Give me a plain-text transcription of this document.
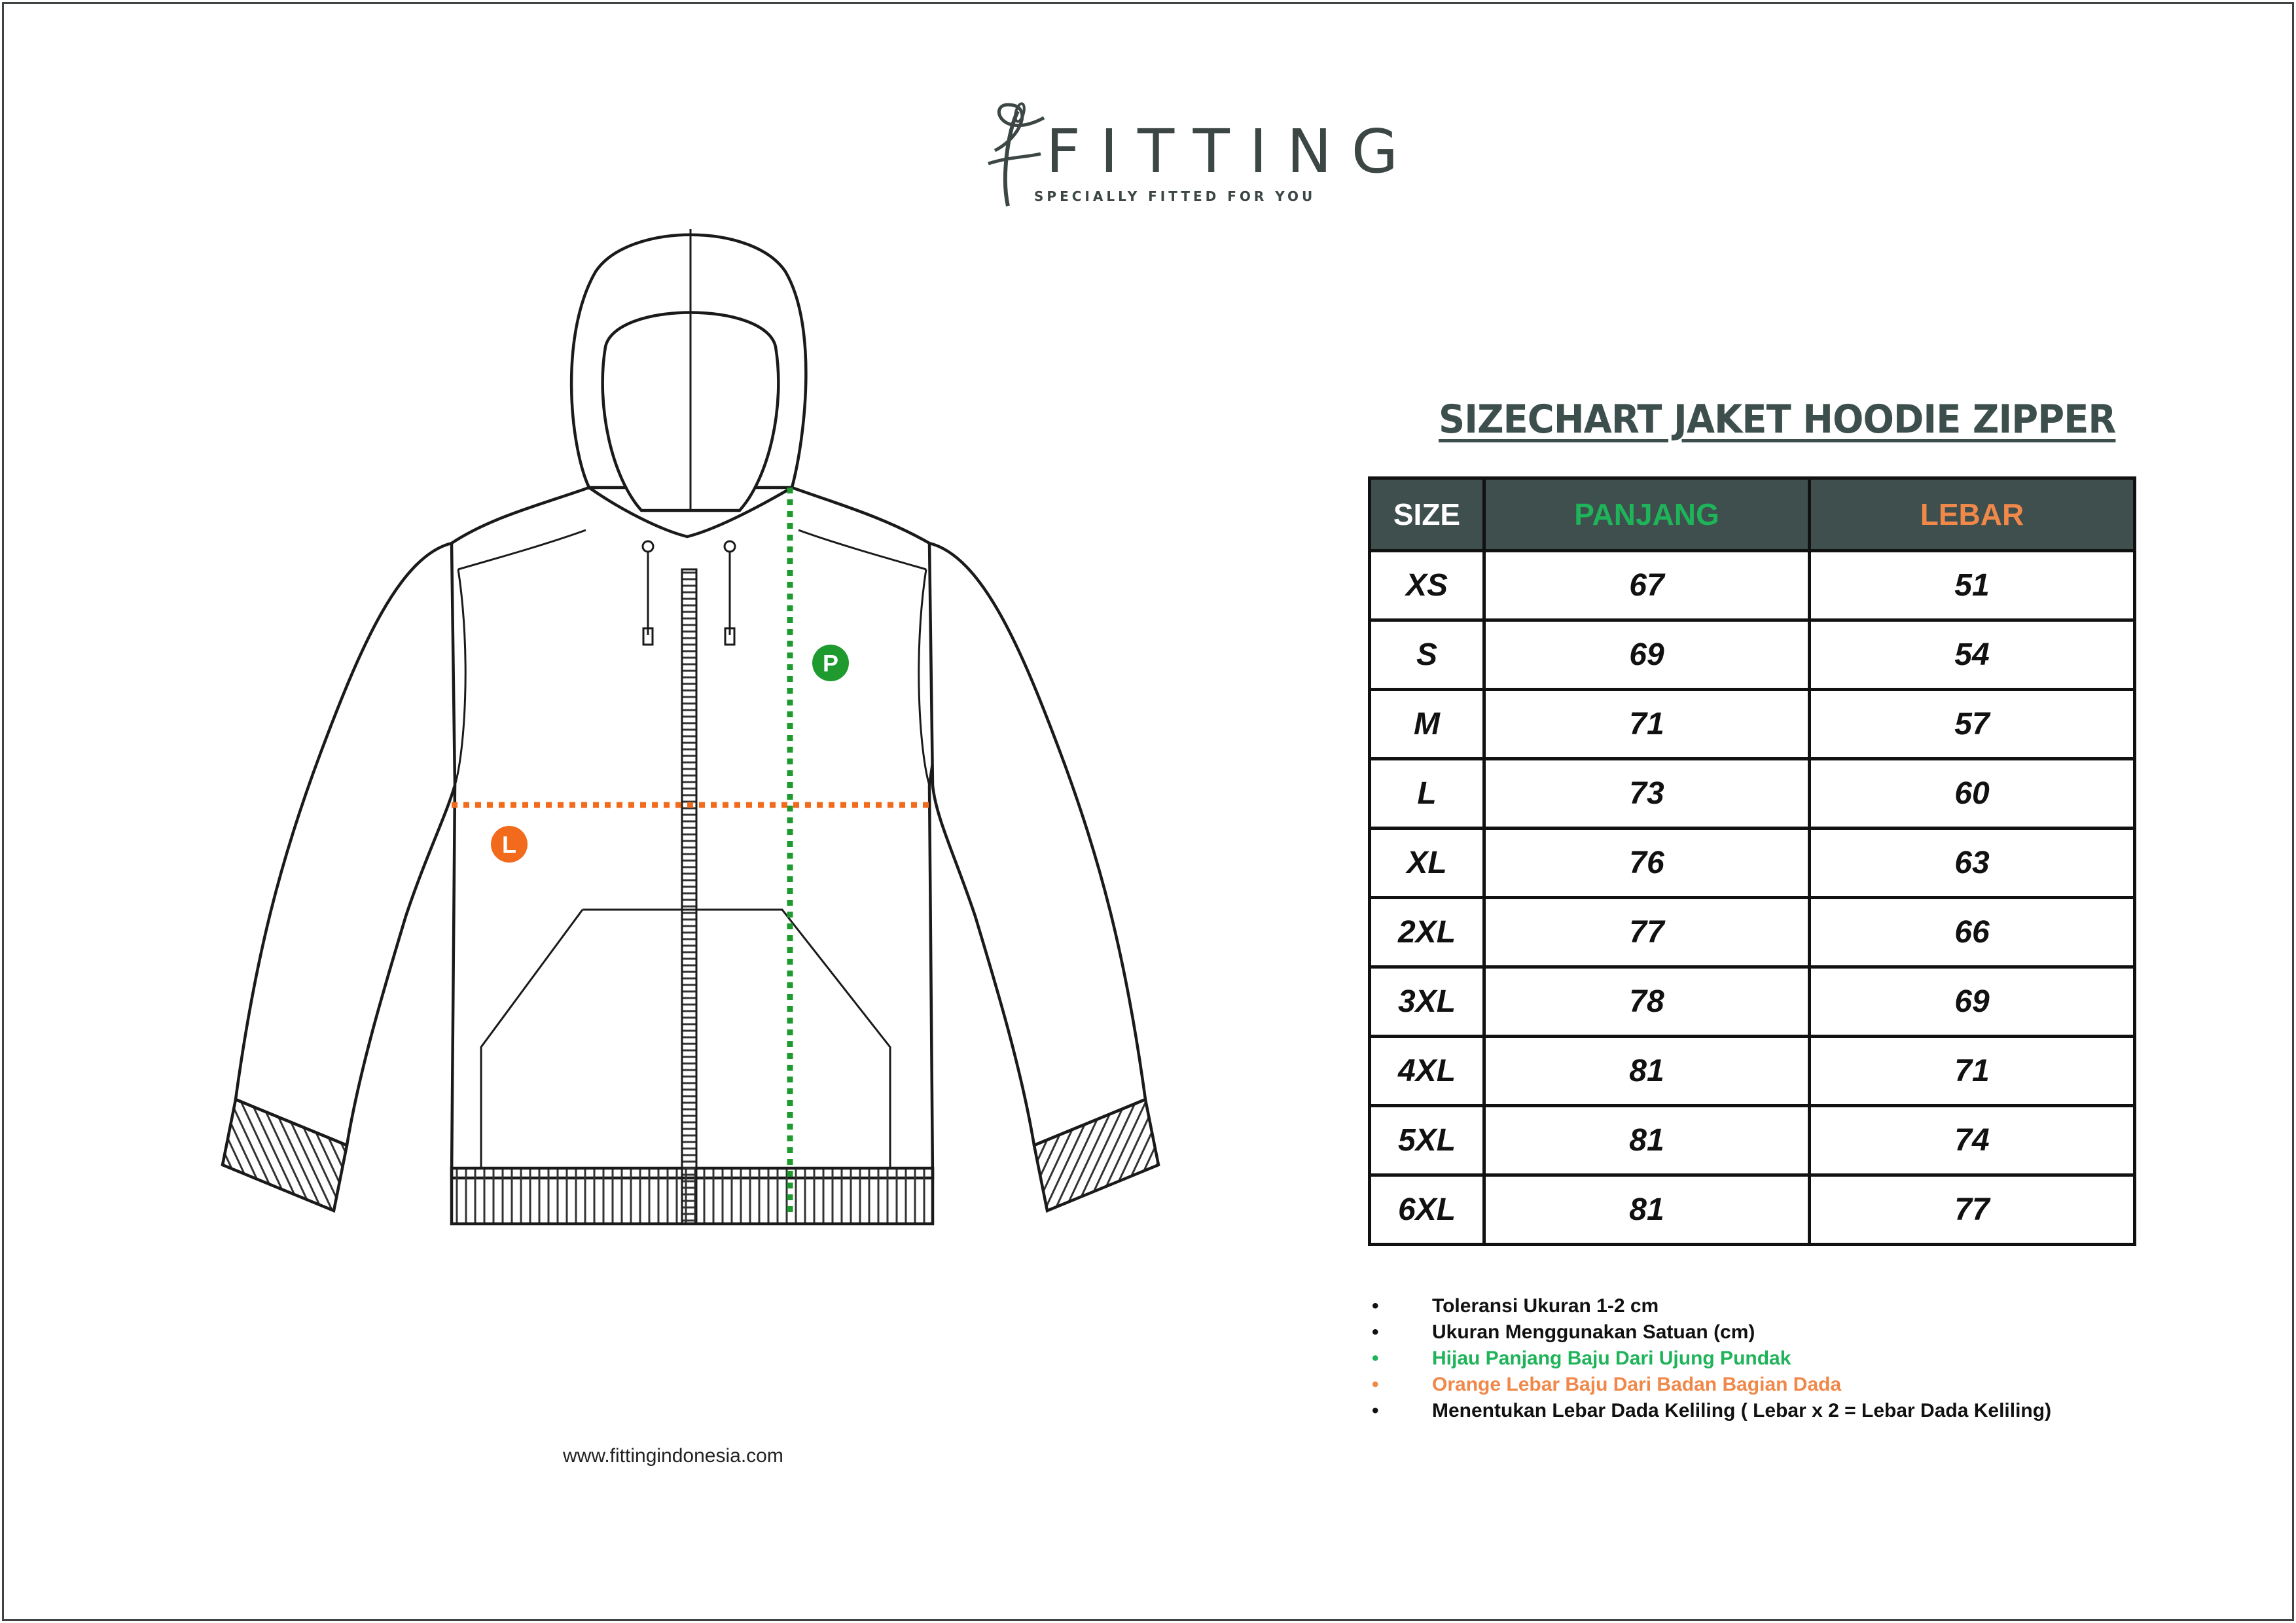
FITTING
SPECIALLY FITTED FOR YOU
P
L
www.fittingindonesia.com
SIZECHART JAKET HOODIE ZIPPER
SIZE	PANJANG	LEBAR
XS	67	51
S	69	54
M	71	57
L	73	60
XL	76	63
2XL	77	66
3XL	78	69
4XL	81	71
5XL	81	74
6XL	81	77
• Toleransi Ukuran 1-2 cm
• Ukuran Menggunakan Satuan (cm)
• Hijau Panjang Baju Dari Ujung Pundak
• Orange Lebar Baju Dari Badan Bagian Dada
• Menentukan Lebar Dada Keliling ( Lebar x 2 = Lebar Dada Keliling)
